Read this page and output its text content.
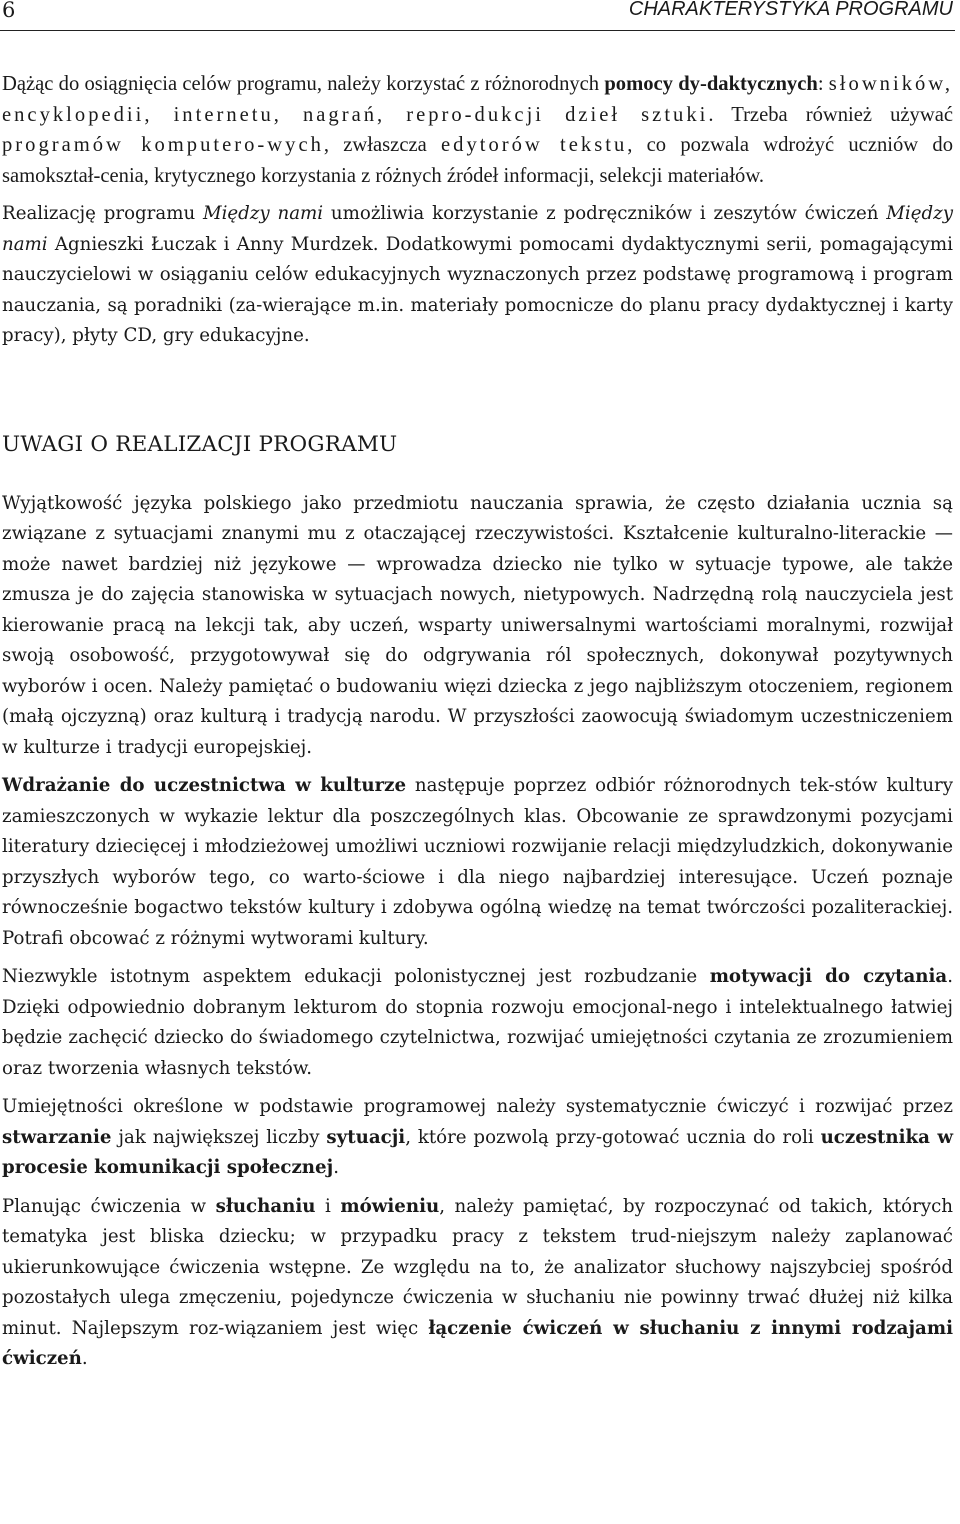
6	CHARAKTERYSTYKA PROGRAMU

Dążąc do osiągnięcia celów programu, należy korzystać z różnorodnych pomocy dy-daktycznych: słowników, encyklopedii, internetu, nagrań, repro-dukcji dzieł sztuki. Trzeba również używać programów komputero-wych, zwłaszcza edytorów tekstu, co pozwala wdrożyć uczniów do samokształ-cenia, krytycznego korzystania z różnych źródeł informacji, selekcji materiałów.

Realizację programu Między nami umożliwia korzystanie z podręczników i zeszytów ćwiczeń Między nami Agnieszki Łuczak i Anny Murdzek. Dodatkowymi pomocami dydaktycznymi serii, pomagającymi nauczycielowi w osiąganiu celów edukacyjnych wyznaczonych przez podstawę programową i program nauczania, są poradniki (za-wierające m.in. materiały pomocnicze do planu pracy dydaktycznej i karty pracy), płyty CD, gry edukacyjne.

UWAGI O REALIZACJI PROGRAMU

Wyjątkowość języka polskiego jako przedmiotu nauczania sprawia, że często działania ucznia są związane z sytuacjami znanymi mu z otaczającej rzeczywistości. Kształcenie kulturalno-literackie — może nawet bardziej niż językowe — wprowadza dziecko nie tylko w sytuacje typowe, ale także zmusza je do zajęcia stanowiska w sytuacjach nowych, nietypowych. Nadrzędną rolą nauczyciela jest kierowanie pracą na lekcji tak, aby uczeń, wsparty uniwersalnymi wartościami moralnymi, rozwijał swoją osobowość, przygotowywał się do odgrywania ról społecznych, dokonywał pozytywnych wyborów i ocen. Należy pamiętać o budowaniu więzi dziecka z jego najbliższym otoczeniem, regionem (małą ojczyzną) oraz kulturą i tradycją narodu. W przyszłości zaowocują świadomym uczestniczeniem w kulturze i tradycji europejskiej.

Wdrażanie do uczestnictwa w kulturze następuje poprzez odbiór różnorodnych tek-stów kultury zamieszczonych w wykazie lektur dla poszczególnych klas. Obcowanie ze sprawdzonymi pozycjami literatury dziecięcej i młodzieżowej umożliwi uczniowi rozwijanie relacji międzyludzkich, dokonywanie przyszłych wyborów tego, co warto-ściowe i dla niego najbardziej interesujące. Uczeń poznaje równocześnie bogactwo tekstów kultury i zdobywa ogólną wiedzę na temat twórczości pozaliterackiej. Potrafi obcować z różnymi wytworami kultury.

Niezwykle istotnym aspektem edukacji polonistycznej jest rozbudzanie motywacji do czytania. Dzięki odpowiednio dobranym lekturom do stopnia rozwoju emocjonal-nego i intelektualnego łatwiej będzie zachęcić dziecko do świadomego czytelnictwa, rozwijać umiejętności czytania ze zrozumieniem oraz tworzenia własnych tekstów.

Umiejętności określone w podstawie programowej należy systematycznie ćwiczyć i rozwijać przez stwarzanie jak największej liczby sytuacji, które pozwolą przy-gotować ucznia do roli uczestnika w procesie komunikacji społecznej.

Planując ćwiczenia w słuchaniu i mówieniu, należy pamiętać, by rozpoczynać od takich, których tematyka jest bliska dziecku; w przypadku pracy z tekstem trud-niejszym należy zaplanować ukierunkowujące ćwiczenia wstępne. Ze względu na to, że analizator słuchowy najszybciej spośród pozostałych ulega zmęczeniu, pojedyncze ćwiczenia w słuchaniu nie powinny trwać dłużej niż kilka minut. Najlepszym roz-wiązaniem jest więc łączenie ćwiczeń w słuchaniu z innymi rodzajami ćwiczeń.
